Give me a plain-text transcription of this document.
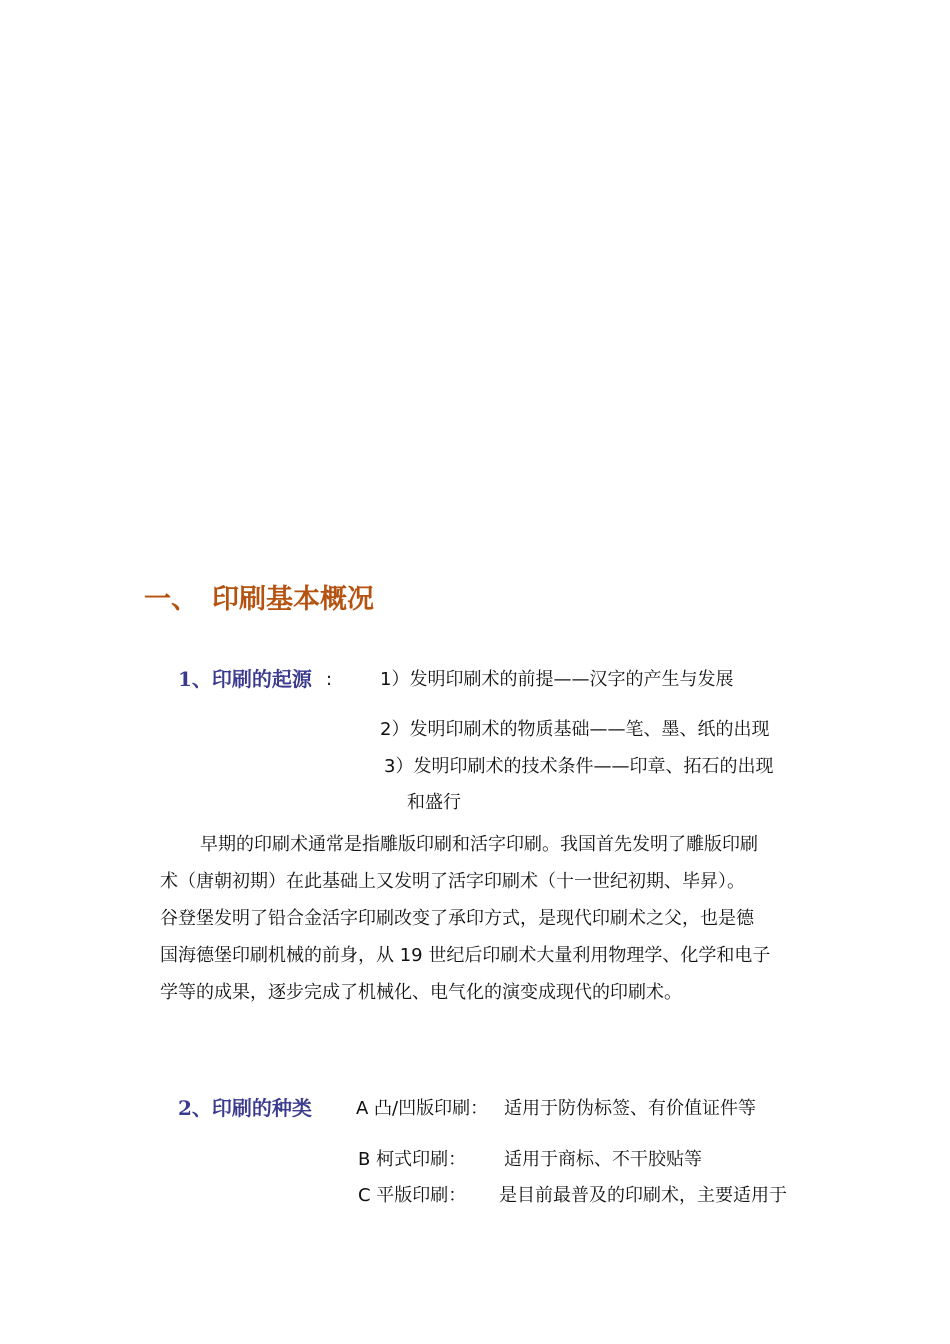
一、 印刷基本概况
1、印刷的起源 :	1）发明印刷术的前提——汉字的产生与发展
2）发明印刷术的物质基础——笔、墨、纸的出现
3）发明印刷术的技术条件——印章、拓石的出现
和盛行
早期的印刷术通常是指雕版印刷和活字印刷。我国首先发明了雕版印刷
术（唐朝初期）在此基础上又发明了活字印刷术（十一世纪初期、毕昇）。
谷登堡发明了铅合金活字印刷改变了承印方式，是现代印刷术之父，也是德
国海德堡印刷机械的前身，从 19 世纪后印刷术大量利用物理学、化学和电子
学等的成果，逐步完成了机械化、电气化的演变成现代的印刷术。
2、印刷的种类 A 凸/凹版印刷： 适用于防伪标签、有价值证件等
B 柯式印刷： 适用于商标、不干胶贴等
C 平版印刷： 是目前最普及的印刷术，主要适用于
